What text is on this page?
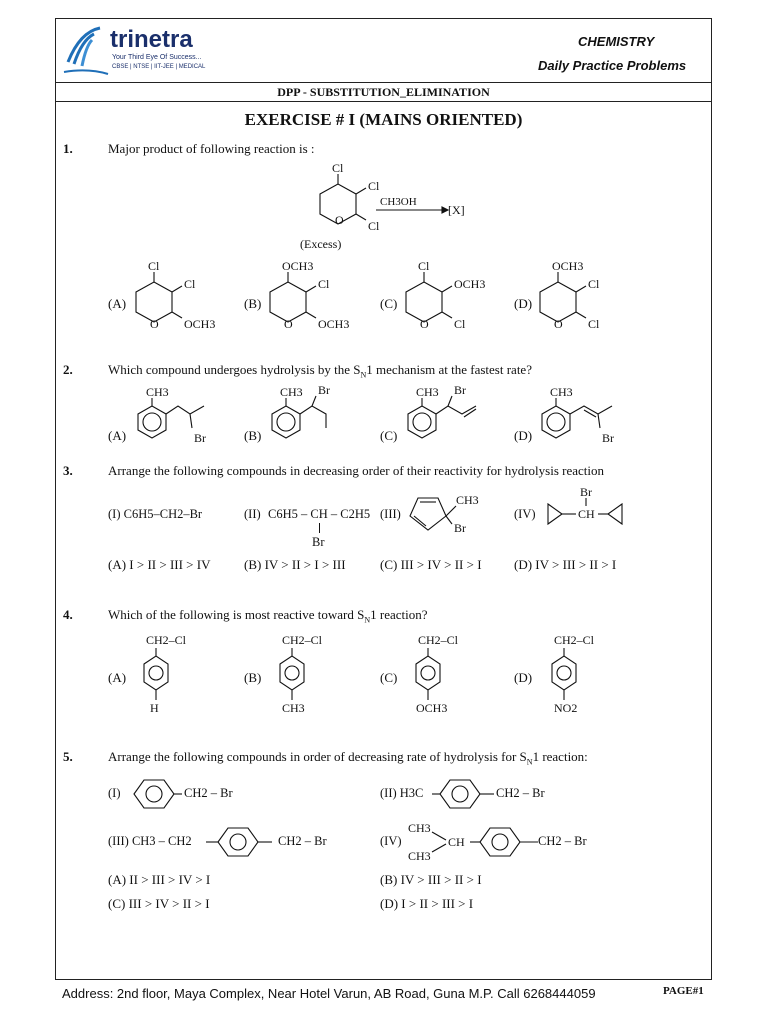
trinetra
Your Third Eye Of Success...
CBSE | NTSE | IIT-JEE | MEDICAL
CHEMISTRY
Daily Practice Problems
DPP - SUBSTITUTION_ELIMINATION
EXERCISE # I (MAINS ORIENTED)
1.	Major product of following reaction is :
O
Cl
Cl
Cl
(Excess)
CH3OH
[X]
(A)	(B)	(C)	(D)
O
Cl
Cl
OCH3	O
OCH3
Cl
OCH3	O
Cl
OCH3
Cl	O
OCH3
Cl
Cl
2.	Which compound undergoes hydrolysis by the $S_N1$ mechanism at the fastest rate?
(A)	(B)	(C)	(D)
CH3
Br
CH3 Br	CH3 Br	CH3
Br
3.	Arrange the following compounds in decreasing order of their reactivity for hydrolysis reaction
(I) C6H5–CH2–Br	(II) C6H5 – CH – C2H5
Br
(III)
CH3
Br
(IV)	CH
Br
(A) I > II > III > IV	(B) IV > II > I > III	(C) III > IV > II > I (D) IV > III > II > I
4.	Which of the following is most reactive toward $S_N1$ reaction?
(A)	(B)	(C)	(D)
CH2–Cl
H
CH2–Cl
CH3
CH2–Cl
OCH3
CH2–Cl
NO2
5.	Arrange the following compounds in order of decreasing rate of hydrolysis for $S_N1$ reaction:
(I)	CH2 – Br	(II) H3C	CH2 – Br
(III) CH3 – CH2	CH2 – Br	(IV)
CH3
CH3
CH	CH2 – Br
(A) II > III > IV > I	(B) IV > III > II > I
(C) III > IV > II > I	(D) I > II > III > I
Address: 2nd floor, Maya Complex, Near Hotel Varun, AB Road, Guna M.P. Call 6268444059	PAGE#1
